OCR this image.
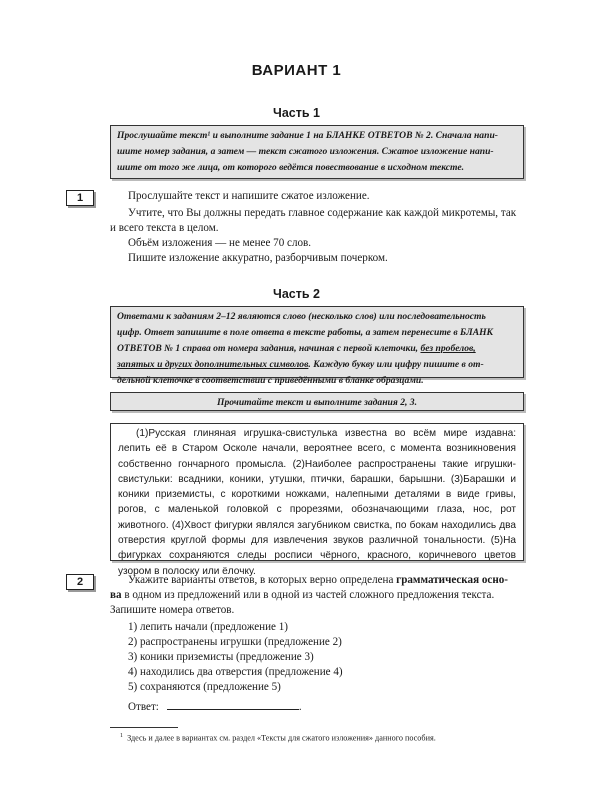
ВАРИАНТ 1
Часть 1
Прослушайте текст¹ и выполните задание 1 на БЛАНКЕ ОТВЕТОВ № 2. Сначала напи-
шите номер задания, а затем — текст сжатого изложения. Сжатое изложение напи-
шите от того же лица, от которого ведётся повествование в исходном тексте.
1	Прослушайте текст и напишите сжатое изложение.
Учтите, что Вы должны передать главное содержание как каждой микротемы, так
и всего текста в целом.
Объём изложения — не менее 70 слов.
Пишите изложение аккуратно, разборчивым почерком.
Часть 2
Ответами к заданиям 2–12 являются слово (несколько слов) или последовательность
цифр. Ответ запишите в поле ответа в тексте работы, а затем перенесите в БЛАНК
ОТВЕТОВ № 1 справа от номера задания, начиная с первой клеточки, без пробелов,
запятых и других дополнительных символов. Каждую букву или цифру пишите в от-
дельной клеточке в соответствии с приведёнными в бланке образцами.
Прочитайте текст и выполните задания 2, 3.
(1)Русская глиняная игрушка-свистулька известна во всём мире издавна: лепить её в Старом Осколе начали, вероятнее всего, с момента возникновения собственно гончарного промысла. (2)Наиболее распространены такие игрушки-свистульки: всадники, коники, утушки, птички, барашки, барышни. (3)Барашки и коники приземисты, с короткими ножками, налепными деталями в виде гривы, рогов, с маленькой головкой с прорезями, обозначающими глаза, нос, рот животного. (4)Хвост фигурки являлся загубником свистка, по бокам находились два отверстия круглой формы для извлечения звуков различной тональности. (5)На фигурках сохраняются следы росписи чёрного, красного, коричневого цветов узором в полоску или ёлочку.
2	Укажите варианты ответов, в которых верно определена грамматическая осно-
ва в одном из предложений или в одной из частей сложного предложения текста.
Запишите номера ответов.
1) лепить начали (предложение 1)
2) распространены игрушки (предложение 2)
3) коники приземисты (предложение 3)
4) находились два отверстия (предложение 4)
5) сохраняются (предложение 5)
Ответ:	.
$^1$ Здесь и далее в вариантах см. раздел «Тексты для сжатого изложения» данного пособия.
